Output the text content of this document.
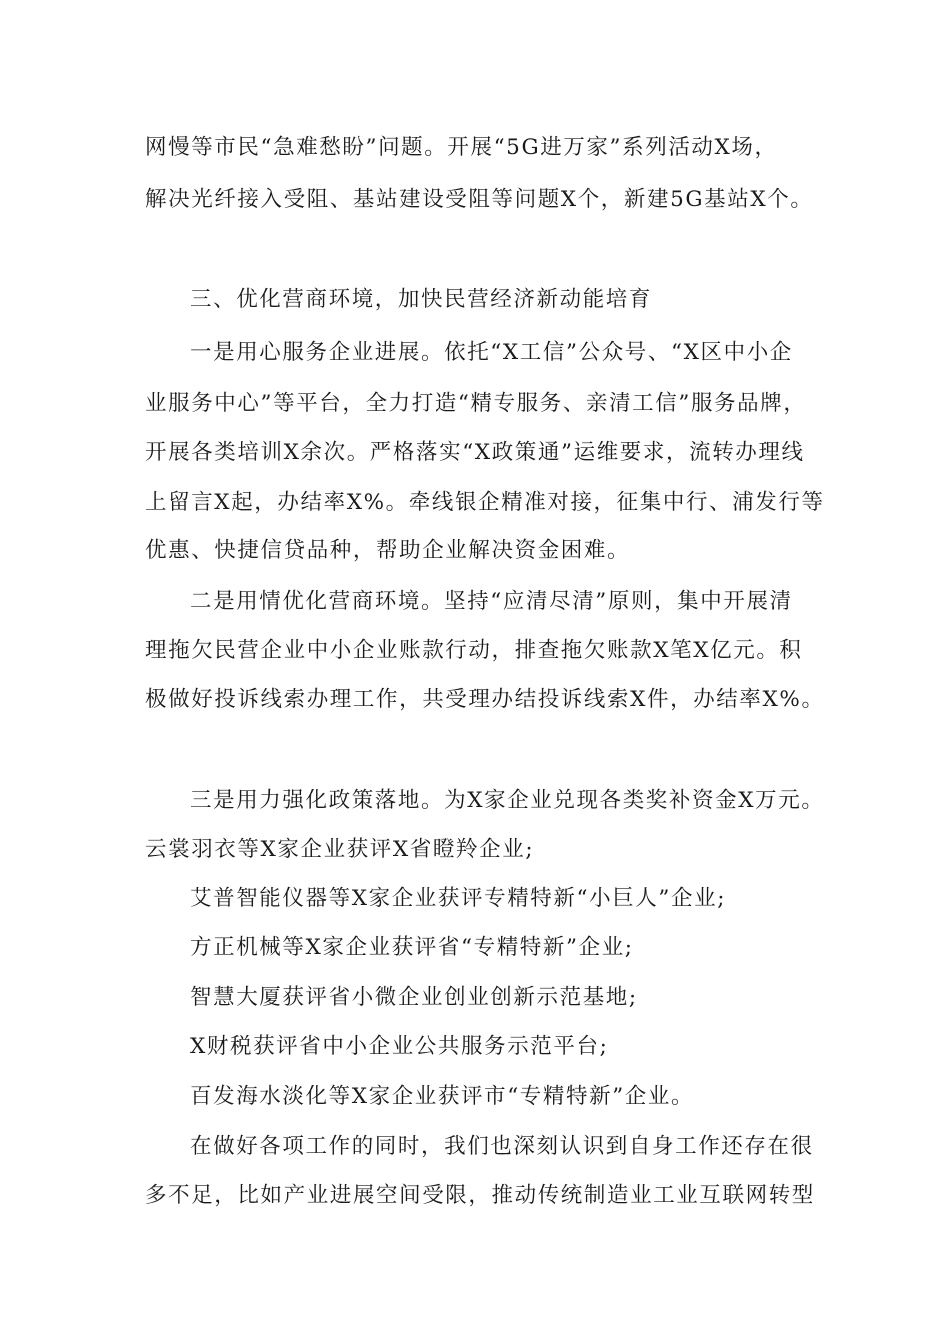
网慢等市民“急难愁盼”问题。开展“5G进万家”系列活动X场，
解决光纤接入受阻、基站建设受阻等问题X个，新建5G基站X个。
三、优化营商环境，加快民营经济新动能培育
一是用心服务企业进展。依托“X工信”公众号、“X区中小企
业服务中心”等平台，全力打造“精专服务、亲清工信”服务品牌，
开展各类培训X余次。严格落实“X政策通”运维要求，流转办理线
上留言X起，办结率X%。牵线银企精准对接，征集中行、浦发行等
优惠、快捷信贷品种，帮助企业解决资金困难。
二是用情优化营商环境。坚持“应清尽清”原则，集中开展清
理拖欠民营企业中小企业账款行动，排查拖欠账款X笔X亿元。积
极做好投诉线索办理工作，共受理办结投诉线索X件，办结率X%。
三是用力强化政策落地。为X家企业兑现各类奖补资金X万元。
云裳羽衣等X家企业获评X省瞪羚企业;
艾普智能仪器等X家企业获评专精特新“小巨人”企业;
方正机械等X家企业获评省“专精特新”企业;
智慧大厦获评省小微企业创业创新示范基地;
X财税获评省中小企业公共服务示范平台;
百发海水淡化等X家企业获评市“专精特新”企业。
在做好各项工作的同时，我们也深刻认识到自身工作还存在很
多不足，比如产业进展空间受限，推动传统制造业工业互联网转型
